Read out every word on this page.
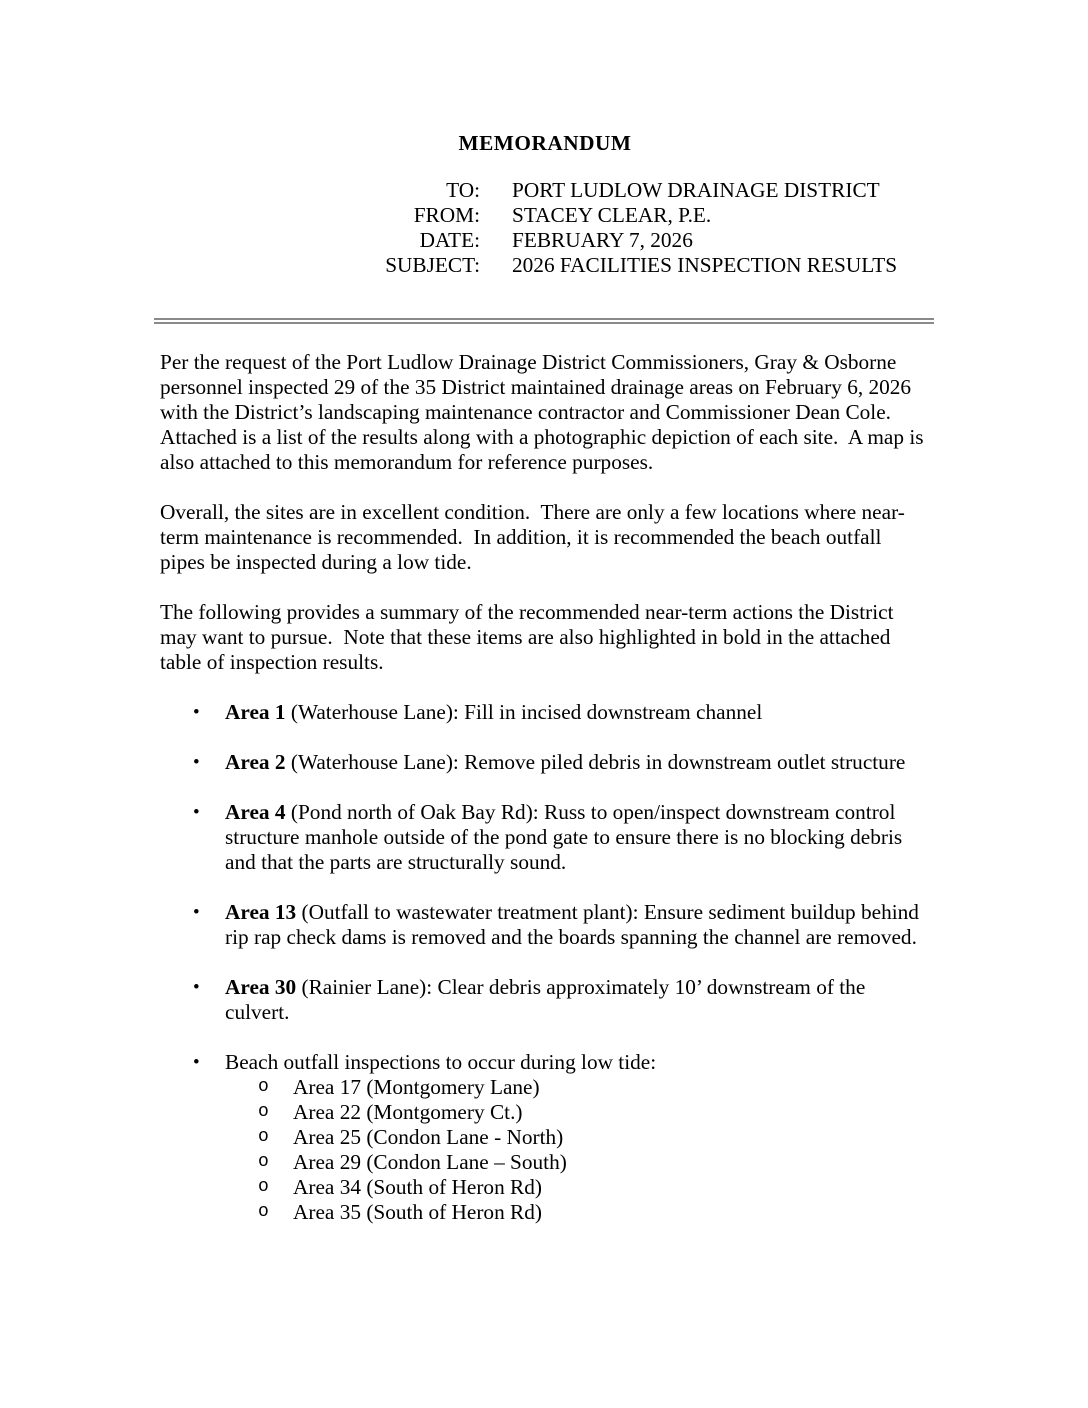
MEMORANDUM
TO: PORT LUDLOW DRAINAGE DISTRICT
FROM: STACEY CLEAR, P.E.
DATE: FEBRUARY 7, 2026
SUBJECT: 2026 FACILITIES INSPECTION RESULTS
Per the request of the Port Ludlow Drainage District Commissioners, Gray & Osborne personnel inspected 29 of the 35 District maintained drainage areas on February 6, 2026 with the District’s landscaping maintenance contractor and Commissioner Dean Cole.  Attached is a list of the results along with a photographic depiction of each site.  A map is also attached to this memorandum for reference purposes.
Overall, the sites are in excellent condition.  There are only a few locations where near-term maintenance is recommended.  In addition, it is recommended the beach outfall pipes be inspected during a low tide.
The following provides a summary of the recommended near-term actions the District may want to pursue.  Note that these items are also highlighted in bold in the attached table of inspection results.
•	Area 1 (Waterhouse Lane): Fill in incised downstream channel
•	Area 2 (Waterhouse Lane): Remove piled debris in downstream outlet structure
•	Area 4 (Pond north of Oak Bay Rd): Russ to open/inspect downstream control structure manhole outside of the pond gate to ensure there is no blocking debris and that the parts are structurally sound.
•	Area 13 (Outfall to wastewater treatment plant): Ensure sediment buildup behind rip rap check dams is removed and the boards spanning the channel are removed.
•	Area 30 (Rainier Lane): Clear debris approximately 10’ downstream of the culvert.
•	Beach outfall inspections to occur during low tide:
o	Area 17 (Montgomery Lane)
o	Area 22 (Montgomery Ct.)
o	Area 25 (Condon Lane - North)
o	Area 29 (Condon Lane – South)
o	Area 34 (South of Heron Rd)
o	Area 35 (South of Heron Rd)
